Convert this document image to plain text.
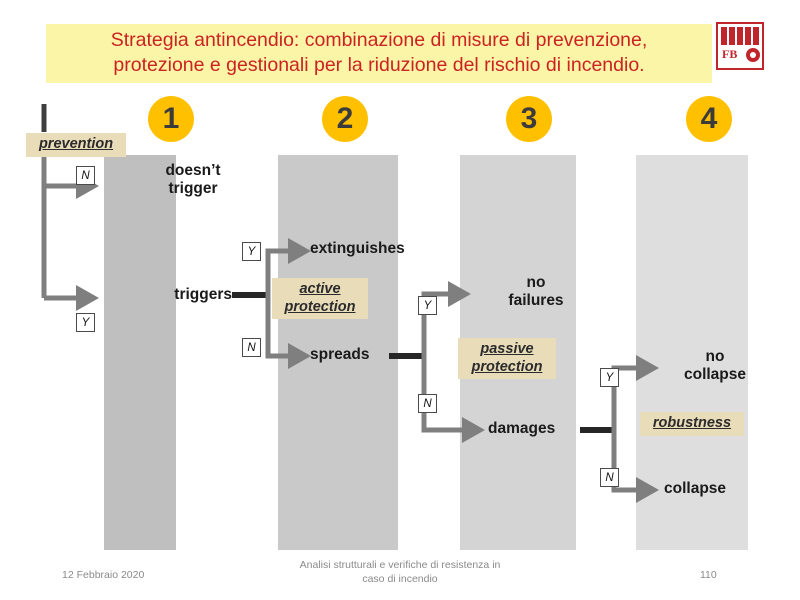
Strategia antincendio: combinazione di misure di prevenzione,
protezione e gestionali per la riduzione del rischio di incendio.	FB
1	2	3	4
prevention
active
protection
passive
protection
robustness
doesn’t
trigger
triggers
extinguishes
spreads
no
failures
damages
no
collapse
collapse
N
Y
Y
N
Y
N
Y
N
12 Febbraio 2020
Analisi strutturali e verifiche di resistenza in
caso di incendio	110
